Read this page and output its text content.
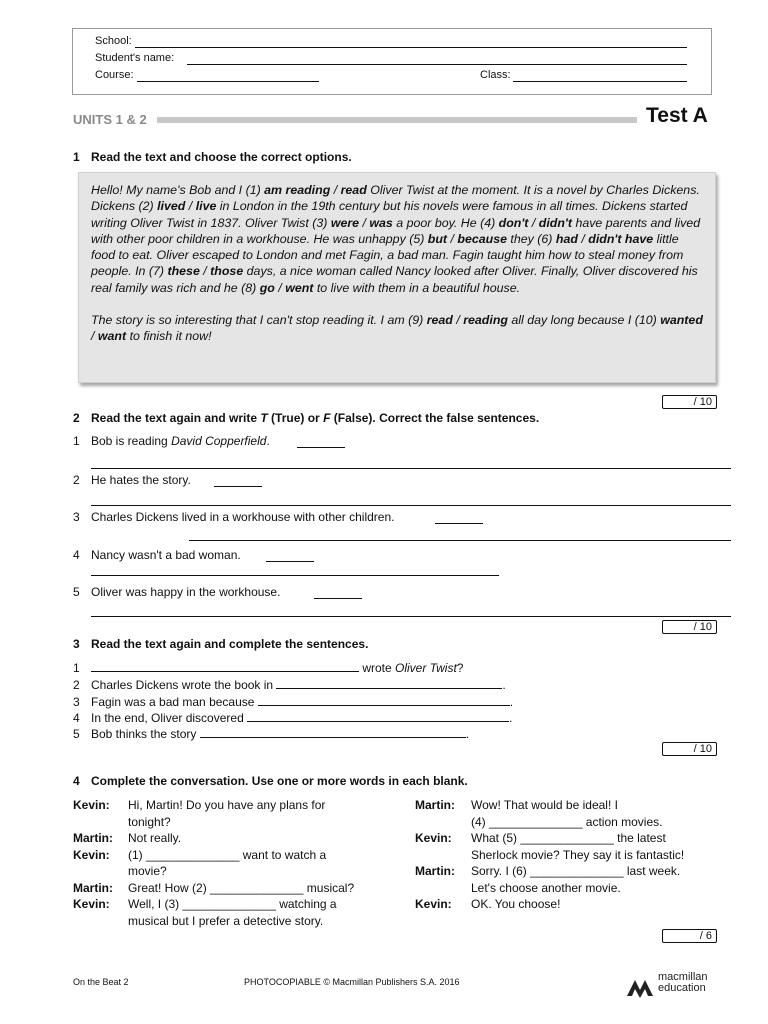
School:
Student's name:
Course:	Class:
UNITS 1 & 2	Test A
1 Read the text and choose the correct options.

Hello! My name's Bob and I (1) am reading / read Oliver Twist at the moment. It is a novel by Charles Dickens. Dickens (2) lived / live in London in the 19th century but his novels were famous in all times. Dickens started writing Oliver Twist in 1837. Oliver Twist (3) were / was a poor boy. He (4) don't / didn't have parents and lived with other poor children in a workhouse. He was unhappy (5) but / because they (6) had / didn't have little food to eat. Oliver escaped to London and met Fagin, a bad man. Fagin taught him how to steal money from people. In (7) these / those days, a nice woman called Nancy looked after Oliver. Finally, Oliver discovered his real family was rich and he (8) go / went to live with them in a beautiful house.

The story is so interesting that I can't stop reading it. I am (9) read / reading all day long because I (10) wanted / want to finish it now!

/ 10
2 Read the text again and write T (True) or F (False). Correct the false sentences.
1 Bob is reading David Copperfield.
2 He hates the story.
3 Charles Dickens lived in a workhouse with other children.
4 Nancy wasn't a bad woman.
5 Oliver was happy in the workhouse.
/ 10
3 Read the text again and complete the sentences.
1	wrote Oliver Twist?
2 Charles Dickens wrote the book in	.
3 Fagin was a bad man because	.
4 In the end, Oliver discovered	.
5 Bob thinks the story	.
/ 10
4 Complete the conversation. Use one or more words in each blank.
Kevin: Hi, Martin! Do you have any plans for
tonight?
Martin: Not really.
Kevin: (1) ______________ want to watch a
movie?
Martin: Great! How (2) ______________ musical?
Kevin: Well, I (3) ______________ watching a
musical but I prefer a detective story.
Martin: Wow! That would be ideal! I
(4) ______________ action movies.
Kevin: What (5) ______________ the latest
Sherlock movie? They say it is fantastic!
Martin: Sorry. I (6) ______________ last week.
Let's choose another movie.
Kevin: OK. You choose!
/ 6
On the Beat 2	PHOTOCOPIABLE © Macmillan Publishers S.A. 2016	macmillan
education
